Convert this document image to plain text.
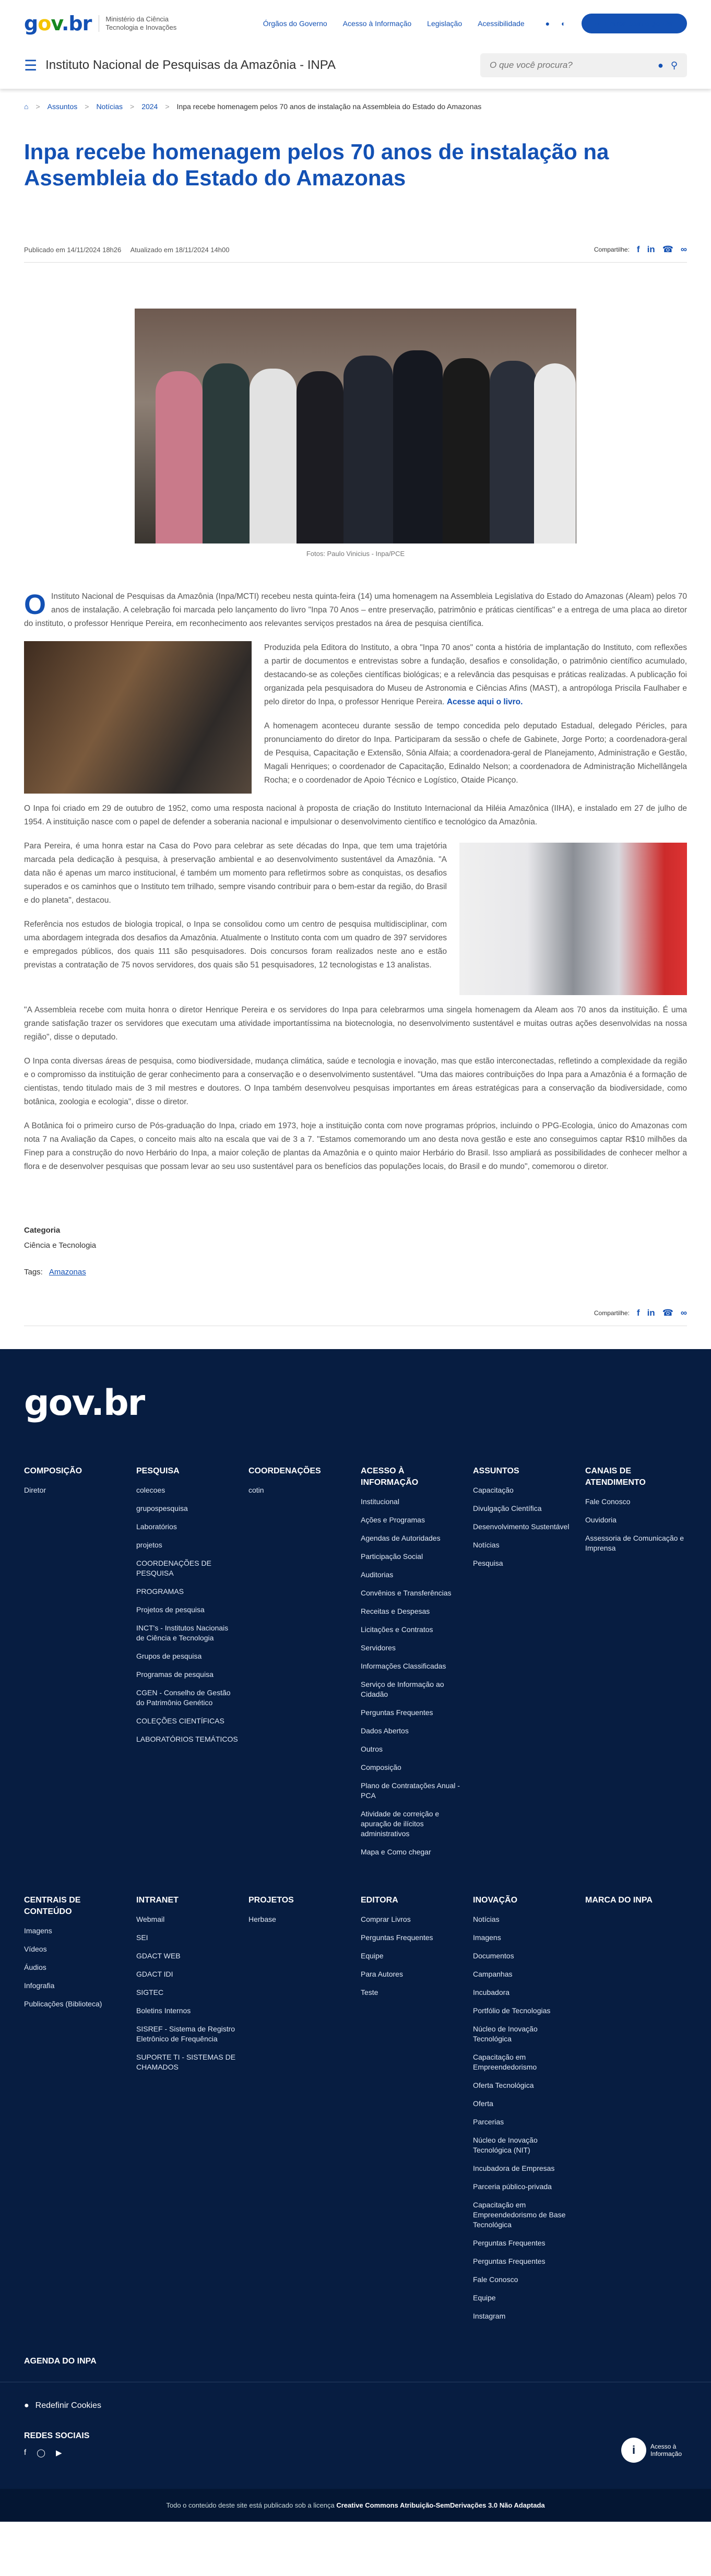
gov.br	Ministério da Ciência Tecnologia e Inovações	Órgãos do Governo Acesso à Informação Legislação Acessibilidade	● ◐	● Entrar com o gov.br
☰ Instituto Nacional de Pesquisas da Amazônia - INPA
O que você procura?	● ⚲
⌂ > Assuntos > Notícias > 2024 > Inpa recebe homenagem pelos 70 anos de instalação na Assembleia do Estado do Amazonas
Inpa recebe homenagem pelos 70 anos de instalação na Assembleia do Estado do Amazonas
Publicado em 14/11/2024 18h26 Atualizado em 18/11/2024 14h00	Compartilhe: f in ☎ ∞
Fotos: Paulo Vinicius - Inpa/PCE

O Instituto Nacional de Pesquisas da Amazônia (Inpa/MCTI) recebeu nesta quinta-feira (14) uma homenagem na Assembleia Legislativa do Estado do Amazonas (Aleam) pelos 70 anos de instalação. A celebração foi marcada pelo lançamento do livro "Inpa 70 Anos – entre preservação, patrimônio e práticas científicas" e a entrega de uma placa ao diretor do instituto, o professor Henrique Pereira, em reconhecimento aos relevantes serviços prestados na área de pesquisa científica.

Produzida pela Editora do Instituto, a obra "Inpa 70 anos" conta a história de implantação do Instituto, com reflexões a partir de documentos e entrevistas sobre a fundação, desafios e consolidação, o patrimônio científico acumulado, destacando-se as coleções científicas biológicas; e a relevância das pesquisas e práticas realizadas. A publicação foi organizada pela pesquisadora do Museu de Astronomia e Ciências Afins (MAST), a antropóloga Priscila Faulhaber e pelo diretor do Inpa, o professor Henrique Pereira. Acesse aqui o livro.

A homenagem aconteceu durante sessão de tempo concedida pelo deputado Estadual, delegado Péricles, para pronunciamento do diretor do Inpa. Participaram da sessão o chefe de Gabinete, Jorge Porto; a coordenadora-geral de Pesquisa, Capacitação e Extensão, Sônia Alfaia; a coordenadora-geral de Planejamento, Administração e Gestão, Magali Henriques; o coordenador de Capacitação, Edinaldo Nelson; a coordenadora de Administração Michellângela Rocha; e o coordenador de Apoio Técnico e Logístico, Otaide Picanço.

O Inpa foi criado em 29 de outubro de 1952, como uma resposta nacional à proposta de criação do Instituto Internacional da Hiléia Amazônica (IIHA), e instalado em 27 de julho de 1954. A instituição nasce com o papel de defender a soberania nacional e impulsionar o desenvolvimento científico e tecnológico da Amazônia.

Para Pereira, é uma honra estar na Casa do Povo para celebrar as sete décadas do Inpa, que tem uma trajetória marcada pela dedicação à pesquisa, à preservação ambiental e ao desenvolvimento sustentável da Amazônia. "A data não é apenas um marco institucional, é também um momento para refletirmos sobre as conquistas, os desafios superados e os caminhos que o Instituto tem trilhado, sempre visando contribuir para o bem-estar da região, do Brasil e do planeta", destacou.

Referência nos estudos de biologia tropical, o Inpa se consolidou como um centro de pesquisa multidisciplinar, com uma abordagem integrada dos desafios da Amazônia. Atualmente o Instituto conta com um quadro de 397 servidores e empregados públicos, dos quais 111 são pesquisadores. Dois concursos foram realizados neste ano e estão previstas a contratação de 75 novos servidores, dos quais são 51 pesquisadores, 12 tecnologistas e 13 analistas.

"A Assembleia recebe com muita honra o diretor Henrique Pereira e os servidores do Inpa para celebrarmos uma singela homenagem da Aleam aos 70 anos da instituição. É uma grande satisfação trazer os servidores que executam uma atividade importantíssima na biotecnologia, no desenvolvimento sustentável e muitas outras ações desenvolvidas na nossa região", disse o deputado.

O Inpa conta diversas áreas de pesquisa, como biodiversidade, mudança climática, saúde e tecnologia e inovação, mas que estão interconectadas, refletindo a complexidade da região e o compromisso da instituição de gerar conhecimento para a conservação e o desenvolvimento sustentável. "Uma das maiores contribuições do Inpa para a Amazônia é a formação de cientistas, tendo titulado mais de 3 mil mestres e doutores. O Inpa também desenvolveu pesquisas importantes em áreas estratégicas para a conservação da biodiversidade, como botânica, zoologia e ecologia", disse o diretor.

A Botânica foi o primeiro curso de Pós-graduação do Inpa, criado em 1973, hoje a instituição conta com nove programas próprios, incluindo o PPG-Ecologia, único do Amazonas com nota 7 na Avaliação da Capes, o conceito mais alto na escala que vai de 3 a 7. "Estamos comemorando um ano desta nova gestão e este ano conseguimos captar R$10 milhões da Finep para a construção do novo Herbário do Inpa, a maior coleção de plantas da Amazônia e o quinto maior Herbário do Brasil. Isso ampliará as possibilidades de conhecer melhor a flora e de desenvolver pesquisas que possam levar ao seu uso sustentável para os benefícios das populações locais, do Brasil e do mundo", comemorou o diretor.

Categoria
Ciência e Tecnologia
Tags: Amazonas
Compartilhe: f in ☎ ∞
gov.br
COMPOSIÇÃO
Diretor
PESQUISA
colecoes
grupospesquisa
Laboratórios
projetos
COORDENAÇÕES DE PESQUISA
PROGRAMAS
Projetos de pesquisa
INCT's - Institutos Nacionais de Ciência e Tecnologia
Grupos de pesquisa
Programas de pesquisa
CGEN - Conselho de Gestão do Patrimônio Genético
COLEÇÕES CIENTÍFICAS
LABORATÓRIOS TEMÁTICOS
COORDENAÇÕES
cotin
ACESSO À INFORMAÇÃO
Institucional
Ações e Programas
Agendas de Autoridades
Participação Social
Auditorias
Convênios e Transferências
Receitas e Despesas
Licitações e Contratos
Servidores
Informações Classificadas
Serviço de Informação ao Cidadão
Perguntas Frequentes
Dados Abertos
Outros
Composição
Plano de Contratações Anual - PCA
Atividade de correição e apuração de ilícitos administrativos
Mapa e Como chegar
ASSUNTOS
Capacitação
Divulgação Científica
Desenvolvimento Sustentável
Notícias
Pesquisa
CANAIS DE ATENDIMENTO
Fale Conosco
Ouvidoria
Assessoria de Comunicação e Imprensa
CENTRAIS DE CONTEÚDO
Imagens
Vídeos
Áudios
Infografia
Publicações (Biblioteca)
INTRANET
Webmail
SEI
GDACT WEB
GDACT IDI
SIGTEC
Boletins Internos
SISREF - Sistema de Registro Eletrônico de Frequência
SUPORTE TI - SISTEMAS DE CHAMADOS
PROJETOS
Herbase
EDITORA
Comprar Livros
Perguntas Frequentes
Equipe
Para Autores
Teste
INOVAÇÃO
Notícias
Imagens
Documentos
Campanhas
Incubadora
Portfólio de Tecnologias
Núcleo de Inovação Tecnológica
Capacitação em Empreendedorismo
Oferta Tecnológica
Oferta
Parcerias
Núcleo de Inovação Tecnológica (NIT)
Incubadora de Empresas
Parceria público-privada
Capacitação em Empreendedorismo de Base Tecnológica
Perguntas Frequentes
Perguntas Frequentes
Fale Conosco
Equipe
Instagram
MARCA DO INPA
AGENDA DO INPA
● Redefinir Cookies
REDES SOCIAIS
f ◯ ▶	i	Acesso à Informação
Todo o conteúdo deste site está publicado sob a licença Creative Commons Atribuição-SemDerivações 3.0 Não Adaptada
